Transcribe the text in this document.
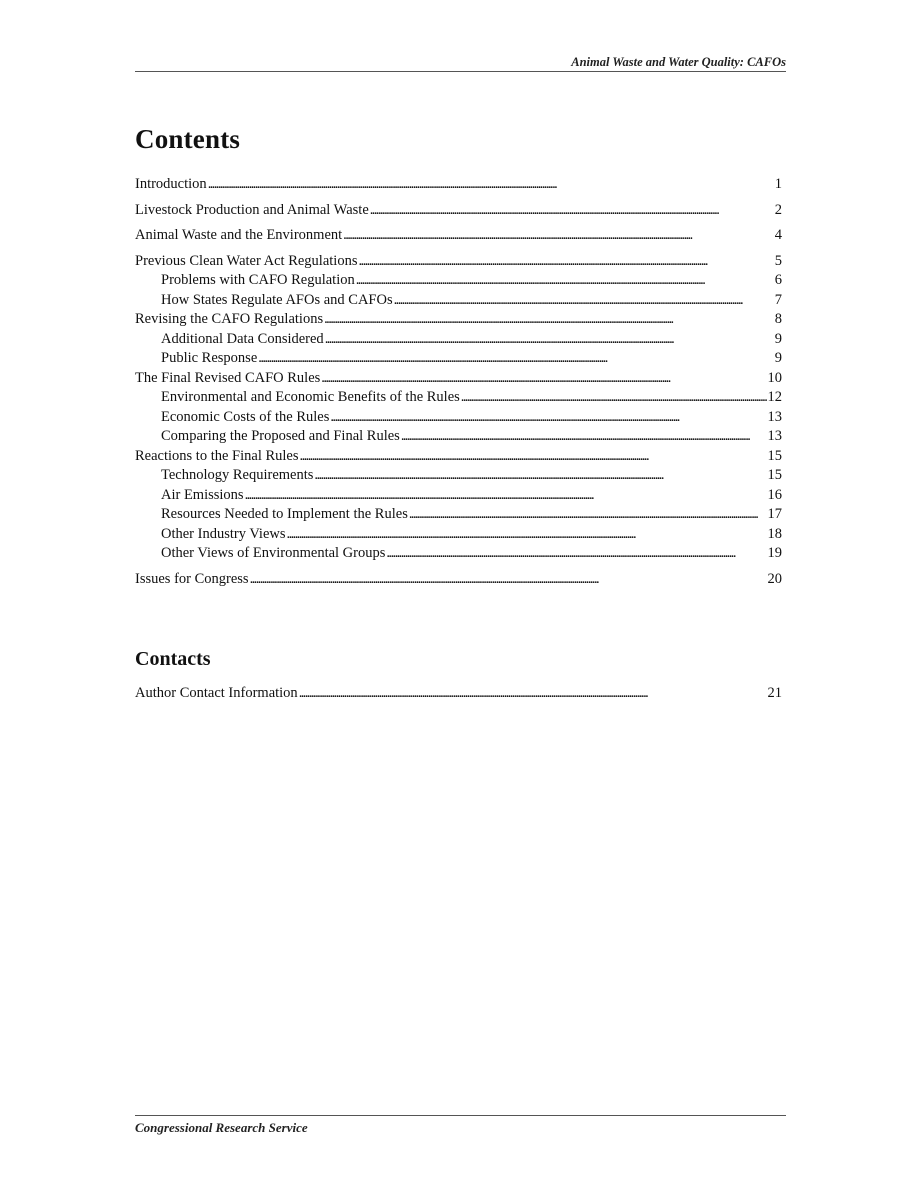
Animal Waste and Water Quality: CAFOs
Contents
Introduction . . .	1
Livestock Production and Animal Waste . . .	2
Animal Waste and the Environment . . .	4
Previous Clean Water Act Regulations . . .	5
Problems with CAFO Regulation . . .	6
How States Regulate AFOs and CAFOs . . .	7
Revising the CAFO Regulations . . .	8
Additional Data Considered . . .	9
Public Response . . .	9
The Final Revised CAFO Rules . . .	10
Environmental and Economic Benefits of the Rules . . .	12
Economic Costs of the Rules . . .	13
Comparing the Proposed and Final Rules . . .	13
Reactions to the Final Rules . . .	15
Technology Requirements . . .	15
Air Emissions . . .	16
Resources Needed to Implement the Rules . . .	17
Other Industry Views . . .	18
Other Views of Environmental Groups . . .	19
Issues for Congress . . .	20
Contacts
Author Contact Information . . .	21
Congressional Research Service
